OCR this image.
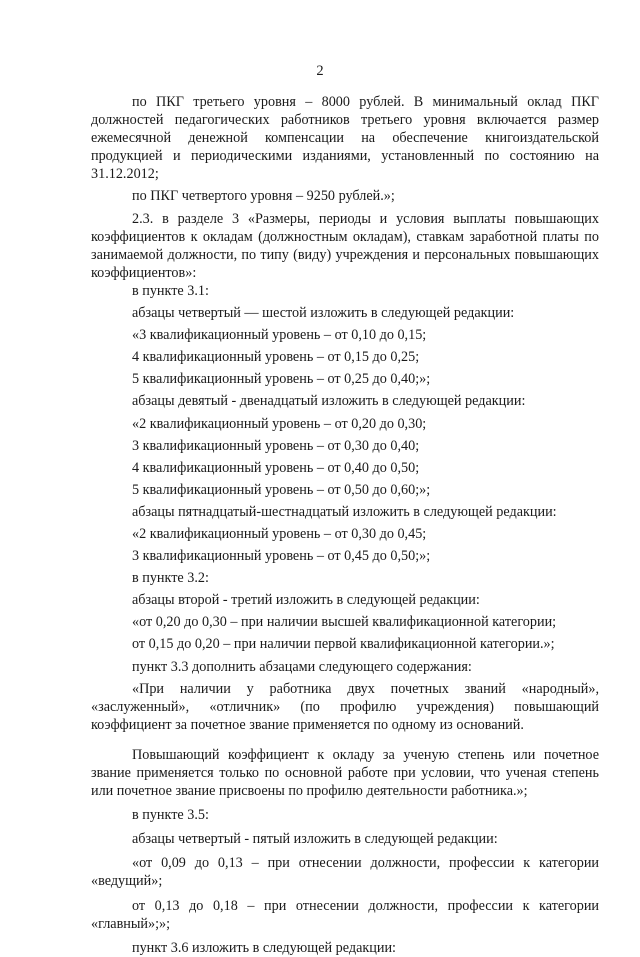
2

по ПКГ третьего уровня – 8000 рублей. В минимальный оклад ПКГ должностей педагогических работников третьего уровня включается размер ежемесячной денежной компенсации на обеспечение книгоиздательской продукцией и периодическими изданиями, установленный по состоянию на 31.12.2012;

по ПКГ четвертого уровня – 9250 рублей.»;

2.3. в разделе 3 «Размеры, периоды и условия выплаты повышающих коэффициентов к окладам (должностным окладам), ставкам заработной платы по занимаемой должности, по типу (виду) учреждения и персональных повышающих коэффициентов»:

в пункте 3.1:

абзацы четвертый — шестой изложить в следующей редакции:

«3 квалификационный уровень – от 0,10 до 0,15;

4 квалификационный уровень – от 0,15 до 0,25;

5 квалификационный уровень – от 0,25 до 0,40;»;

абзацы девятый - двенадцатый изложить в следующей редакции:

«2 квалификационный уровень – от 0,20 до 0,30;

3 квалификационный уровень – от 0,30 до 0,40;

4 квалификационный уровень – от 0,40 до 0,50;

5 квалификационный уровень – от 0,50 до 0,60;»;

абзацы пятнадцатый-шестнадцатый изложить в следующей редакции:

«2 квалификационный уровень – от 0,30 до 0,45;

3 квалификационный уровень – от 0,45 до 0,50;»;

в пункте 3.2:

абзацы второй - третий изложить в следующей редакции:

«от 0,20 до 0,30 – при наличии высшей квалификационной категории;

от 0,15 до 0,20 – при наличии первой квалификационной категории.»;

пункт 3.3 дополнить абзацами следующего содержания:

«При наличии у работника двух почетных званий «народный», «заслуженный», «отличник» (по профилю учреждения) повышающий коэффициент за почетное звание применяется по одному из оснований.

Повышающий коэффициент к окладу за ученую степень или почетное звание применяется только по основной работе при условии, что ученая степень или почетное звание присвоены по профилю деятельности работника.»;

в пункте 3.5:

абзацы четвертый - пятый изложить в следующей редакции:

«от 0,09 до 0,13 – при отнесении должности, профессии к категории «ведущий»;

от 0,13 до 0,18 – при отнесении должности, профессии к категории «главный»;»;

пункт 3.6 изложить в следующей редакции:
